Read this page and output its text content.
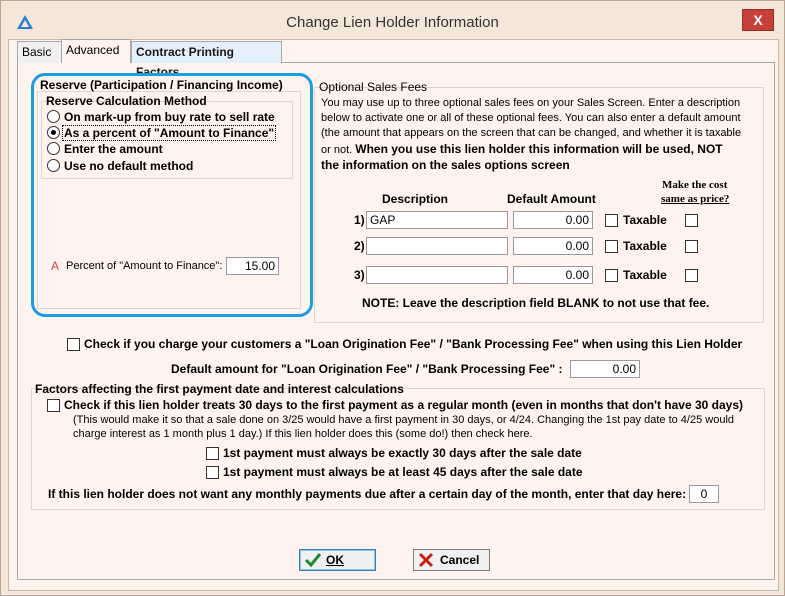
Change Lien Holder Information	X
Basic	Advanced	Contract Printing Factors
Reserve (Participation / Financing Income)
Reserve Calculation Method
On mark-up from buy rate to sell rate
As a percent of "Amount to Finance"
Enter the amount
Use no default method
A Percent of "Amount to Finance":	15.00
Optional Sales Fees
You may use up to three optional sales fees on your Sales Screen. Enter a description
below to activate one or all of these optional fees. You can also enter a default amount
(the amount that appears on the screen that can be changed, and whether it is taxable
or not. When you use this lien holder this information will be used, NOT
the information on the sales options screen
Description	Default Amount
Make the cost
same as price?
1) GAP	0.00	Taxable
2)	0.00	Taxable
3)	0.00	Taxable
NOTE: Leave the description field BLANK to not use that fee.
Check if you charge your customers a "Loan Origination Fee" / "Bank Processing Fee" when using this Lien Holder
Default amount for "Loan Origination Fee" / "Bank Processing Fee" :	0.00
Factors affecting the first payment date and interest calculations
Check if this lien holder treats 30 days to the first payment as a regular month (even in months that don't have 30 days)
(This would make it so that a sale done on 3/25 would have a first payment in 30 days, or 4/24. Changing the 1st pay date to 4/25 would
charge interest as 1 month plus 1 day.) If this lien holder does this (some do!) then check here.
1st payment must always be exactly 30 days after the sale date
1st payment must always be at least 45 days after the sale date
If this lien holder does not want any monthly payments due after a certain day of the month, enter that day here:	0
OK	Cancel
